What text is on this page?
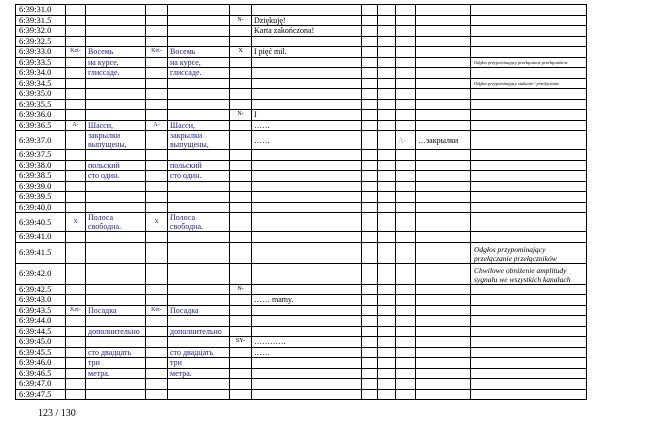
6:39:31.0											
6:39:31.5					N-	Dziękuję!					
6:39:32.0						Karta zakończona!					
6:39:32.5											
6:39:33.0	Ket-	Восемь	Ket-	Восемь	X	I pięć mil.					
6:39:33.5		на курсе,		на курсе,							Odgłos przypominający przełączanie przełączników
6:39:34.0		глиссаде.		глиссаде.							
6:39:34.5											Odgłos przypominający stukanie / przełączanie
6:39:35.0											
6:39:35.5											
6:39:36.0					N-	I					
6:39:36.5	A-	Шасси,	A-	Шасси,		……					
6:39:37.0		закрылки выпущены,		закрылки выпущены,		……			A-	…закрылки	
6:39:37.5											
6:39:38.0		польский		польский							
6:39:38.5		сто один.		сто один.							
6:39:39.0											
6:39:39.5											
6:39:40.0											
6:39:40.5	X	Полоса свободна.	X	Полоса свободна.							
6:39:41.0											
6:39:41.5											Odgłos przypominający przełączanie przełączników
6:39:42.0											Chwilowe obniżenie amplitudy sygnału we wszystkich kanałach
6:39:42.5					N-						
6:39:43.0						…… mamy.					
6:39:43.5	Ket-	Посадка	Ket-	Посадка							
6:39:44.0											
6:39:44.5		дополнительно		дополнительно							
6:39:45.0					SY-	…………					
6:39:45.5		сто двадцать		сто двадцать		……					
6:39:46.0		три		три							
6:39:46.5		метра.		метра.							
6:39:47.0											
6:39:47.5											
123 / 130
